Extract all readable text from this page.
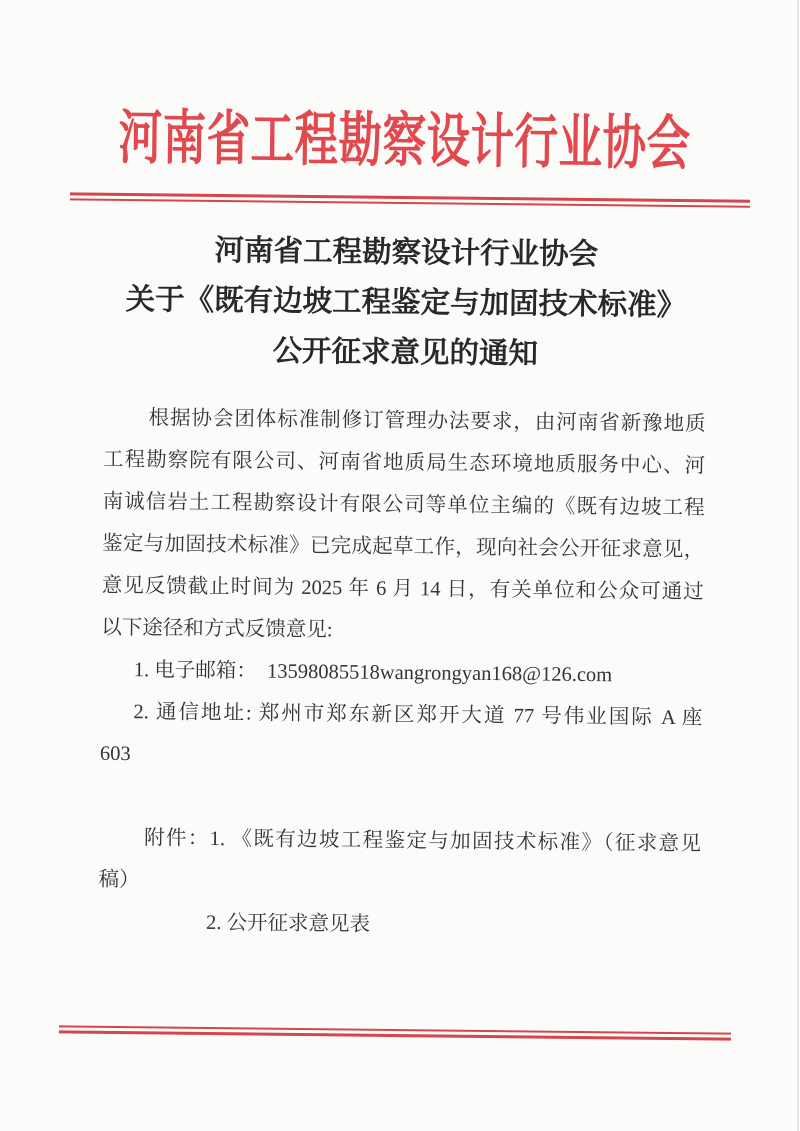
河南省工程勘察设计行业协会
河南省工程勘察设计行业协会
关于《既有边坡工程鉴定与加固技术标准》
公开征求意见的通知
根据协会团体标准制修订管理办法要求，由河南省新豫地质
工程勘察院有限公司、河南省地质局生态环境地质服务中心、河
南诚信岩土工程勘察设计有限公司等单位主编的《既有边坡工程
鉴定与加固技术标准》已完成起草工作，现向社会公开征求意见，
意见反馈截止时间为 2025 年 6 月 14 日，有关单位和公众可通过
以下途径和方式反馈意见:
1. 电子邮箱：  13598085518wangrongyan168@126.com
2. 通信地址: 郑州市郑东新区郑开大道 77 号伟业国际 A 座
603
附件：1. 《既有边坡工程鉴定与加固技术标准》（征求意见
稿）
2. 公开征求意见表
